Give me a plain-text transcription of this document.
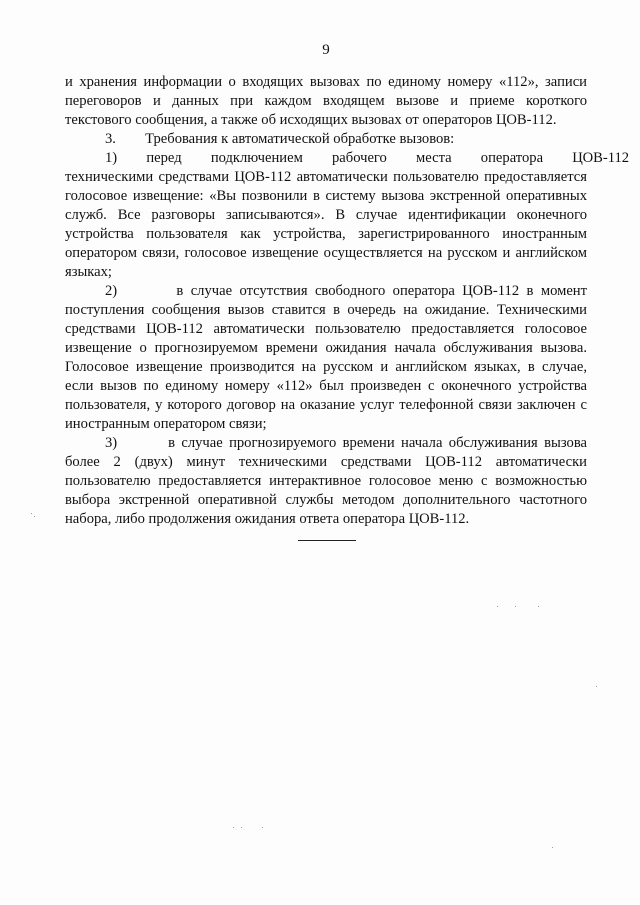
9
и хранения информации о входящих вызовах по единому номеру «112», записи
переговоров и данных при каждом входящем вызове и приеме короткого
текстового сообщения, а также об исходящих вызовах от операторов ЦОВ-112.
3.        Требования к автоматической обработке вызовов:
1)        перед        подключением        рабочего        места        оператора        ЦОВ-112
техническими средствами ЦОВ-112 автоматически пользователю предоставляется
голосовое извещение: «Вы позвонили в систему вызова экстренной оперативных
служб. Все разговоры записываются». В случае идентификации оконечного
устройства пользователя как устройства, зарегистрированного иностранным
оператором связи, голосовое извещение осуществляется на русском и английском
языках;
2)        в случае отсутствия свободного оператора ЦОВ-112 в момент
поступления сообщения вызов ставится в очередь на ожидание. Техническими
средствами ЦОВ-112 автоматически пользователю предоставляется голосовое
извещение о прогнозируемом времени ожидания начала обслуживания вызова.
Голосовое извещение производится на русском и английском языках, в случае,
если вызов по единому номеру «112» был произведен с оконечного устройства
пользователя, у которого договор на оказание услуг телефонной связи заключен с
иностранным оператором связи;
3)        в случае прогнозируемого времени начала обслуживания вызова
более 2 (двух) минут техническими средствами ЦОВ-112 автоматически
пользователю предоставляется интерактивное голосовое меню с возможностью
выбора экстренной оперативной службы методом дополнительного частотного
набора, либо продолжения ожидания ответа оператора ЦОВ-112.
